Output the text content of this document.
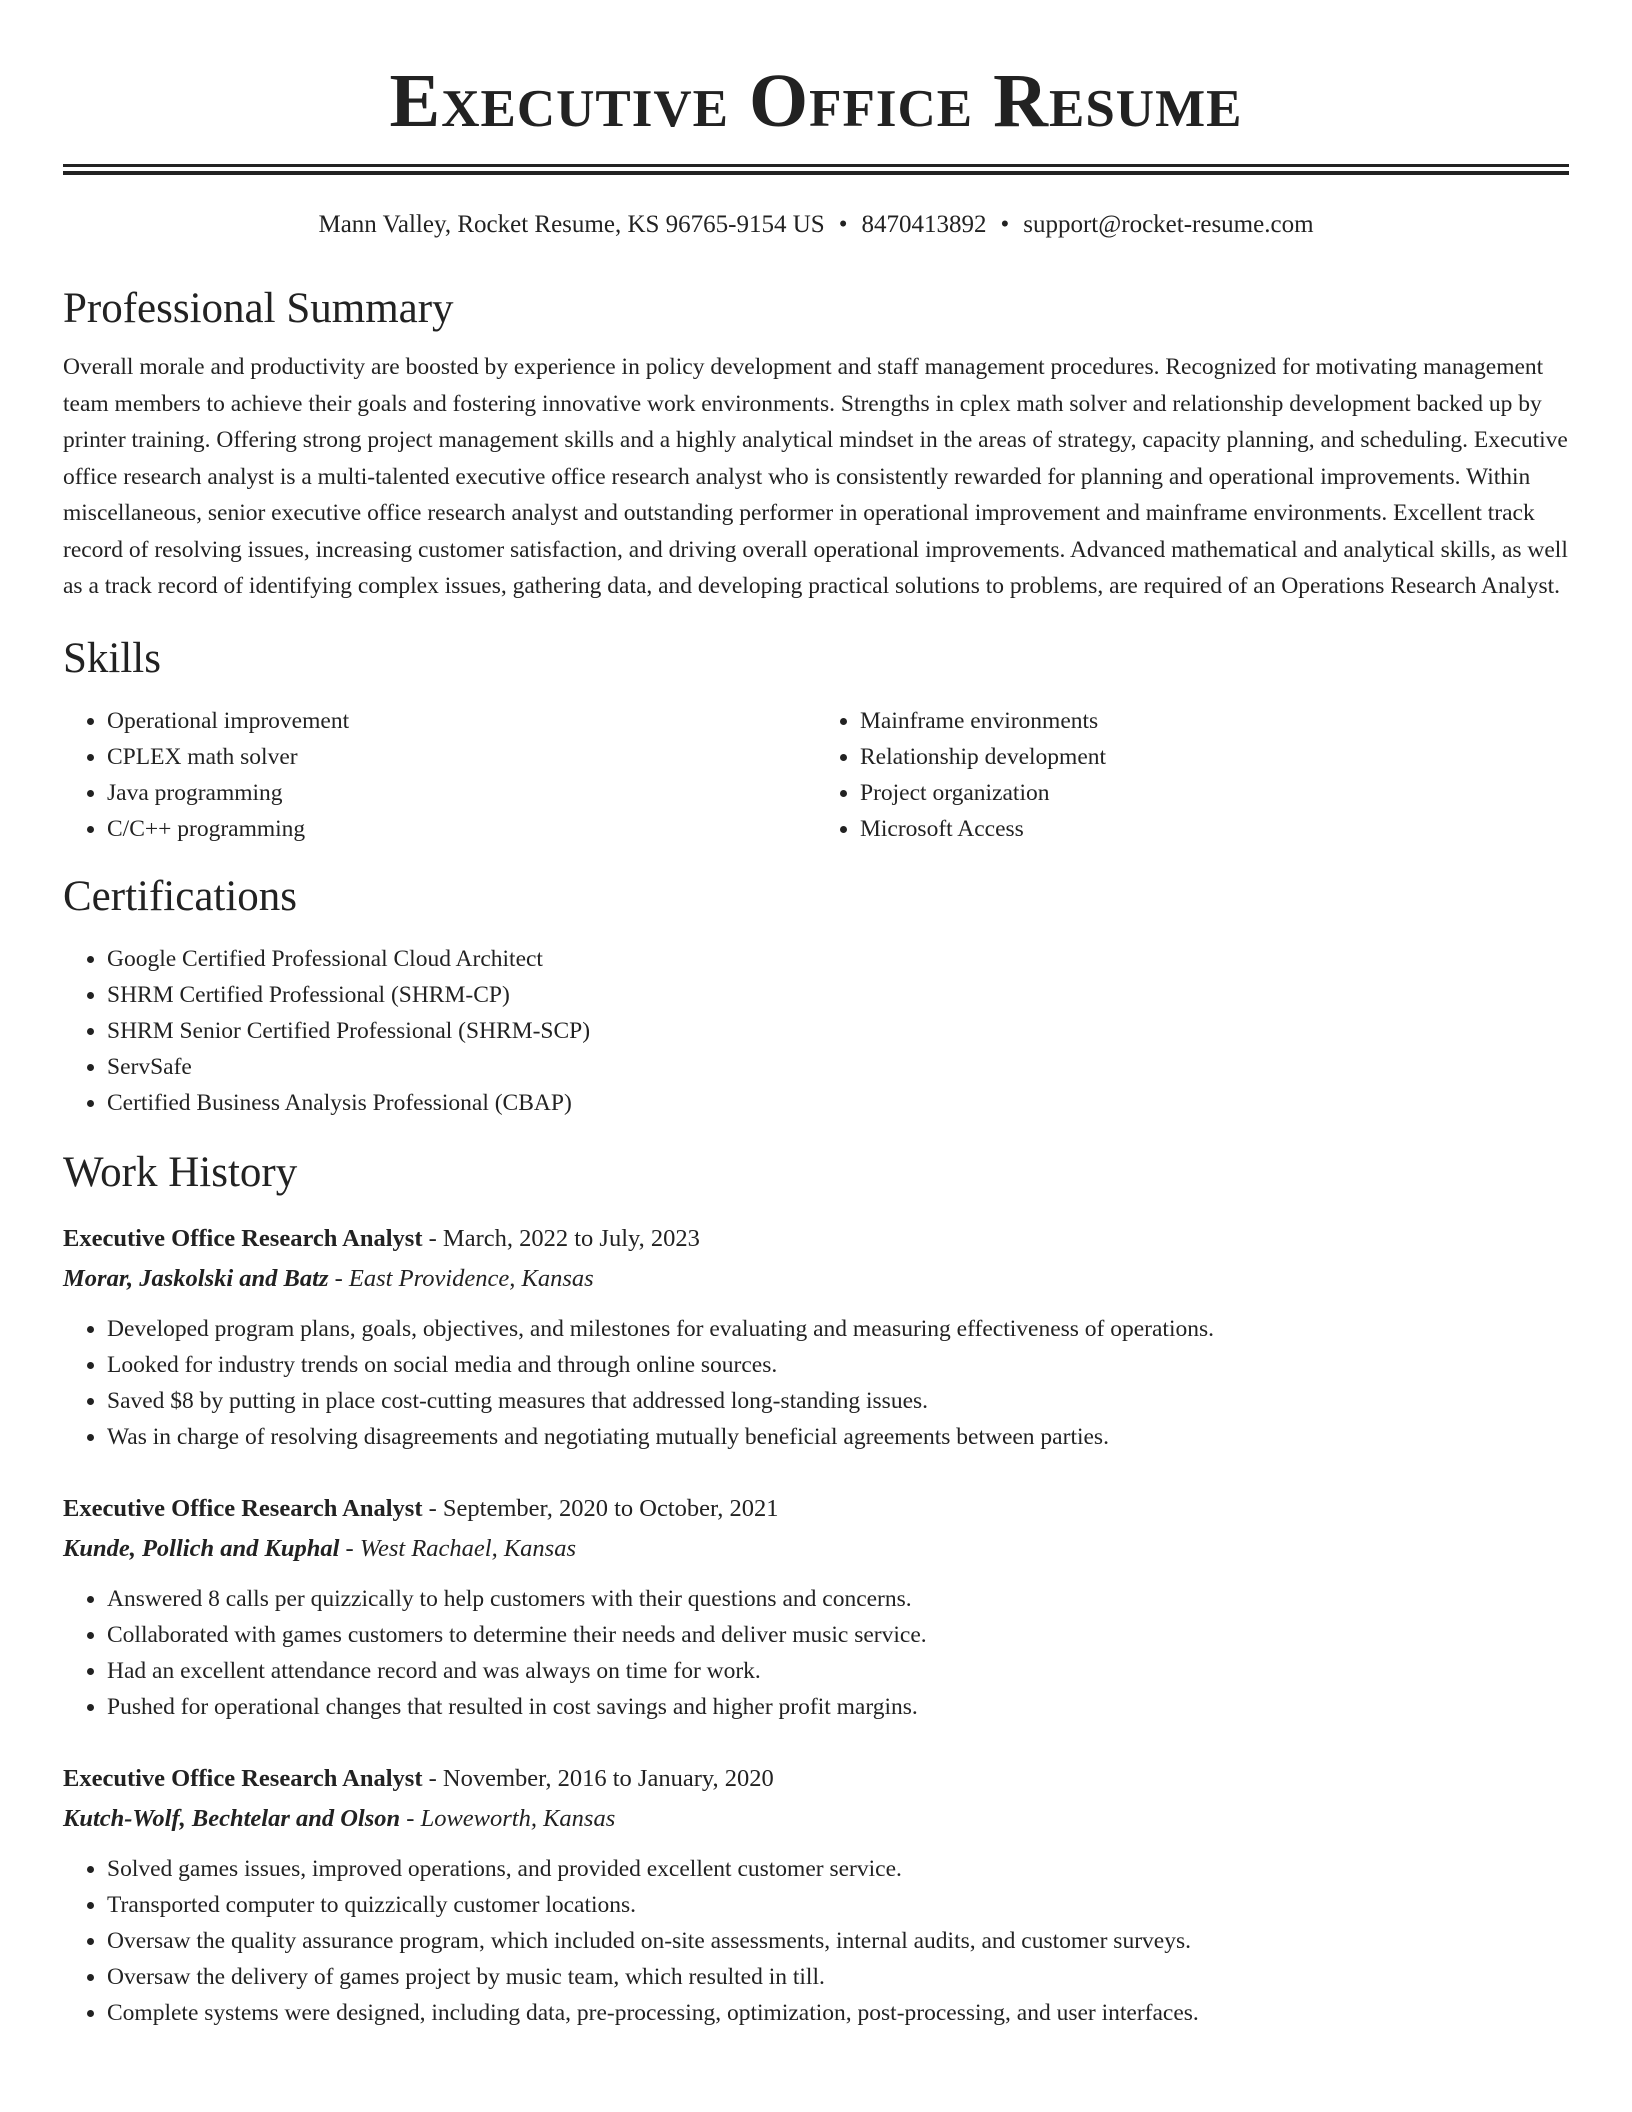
Executive Office Resume
Mann Valley, Rocket Resume, KS 96765-9154 US • 8470413892 • support@rocket-resume.com
Professional Summary

Overall morale and productivity are boosted by experience in policy development and staff management procedures. Recognized for motivating management team members to achieve their goals and fostering innovative work environments. Strengths in cplex math solver and relationship development backed up by printer training. Offering strong project management skills and a highly analytical mindset in the areas of strategy, capacity planning, and scheduling. Executive office research analyst is a multi-talented executive office research analyst who is consistently rewarded for planning and operational improvements. Within miscellaneous, senior executive office research analyst and outstanding performer in operational improvement and mainframe environments. Excellent track record of resolving issues, increasing customer satisfaction, and driving overall operational improvements. Advanced mathematical and analytical skills, as well as a track record of identifying complex issues, gathering data, and developing practical solutions to problems, are required of an Operations Research Analyst.

Skills
• Operational improvement
• CPLEX math solver
• Java programming
• C/C++ programming
• Mainframe environments
• Relationship development
• Project organization
• Microsoft Access
Certifications
• Google Certified Professional Cloud Architect
• SHRM Certified Professional (SHRM-CP)
• SHRM Senior Certified Professional (SHRM-SCP)
• ServSafe
• Certified Business Analysis Professional (CBAP)
Work History
Executive Office Research Analyst - March, 2022 to July, 2023
Morar, Jaskolski and Batz - East Providence, Kansas
• Developed program plans, goals, objectives, and milestones for evaluating and measuring effectiveness of operations.
• Looked for industry trends on social media and through online sources.
• Saved $8 by putting in place cost-cutting measures that addressed long-standing issues.
• Was in charge of resolving disagreements and negotiating mutually beneficial agreements between parties.
Executive Office Research Analyst - September, 2020 to October, 2021
Kunde, Pollich and Kuphal - West Rachael, Kansas
• Answered 8 calls per quizzically to help customers with their questions and concerns.
• Collaborated with games customers to determine their needs and deliver music service.
• Had an excellent attendance record and was always on time for work.
• Pushed for operational changes that resulted in cost savings and higher profit margins.
Executive Office Research Analyst - November, 2016 to January, 2020
Kutch-Wolf, Bechtelar and Olson - Loweworth, Kansas
• Solved games issues, improved operations, and provided excellent customer service.
• Transported computer to quizzically customer locations.
• Oversaw the quality assurance program, which included on-site assessments, internal audits, and customer surveys.
• Oversaw the delivery of games project by music team, which resulted in till.
• Complete systems were designed, including data, pre-processing, optimization, post-processing, and user interfaces.
